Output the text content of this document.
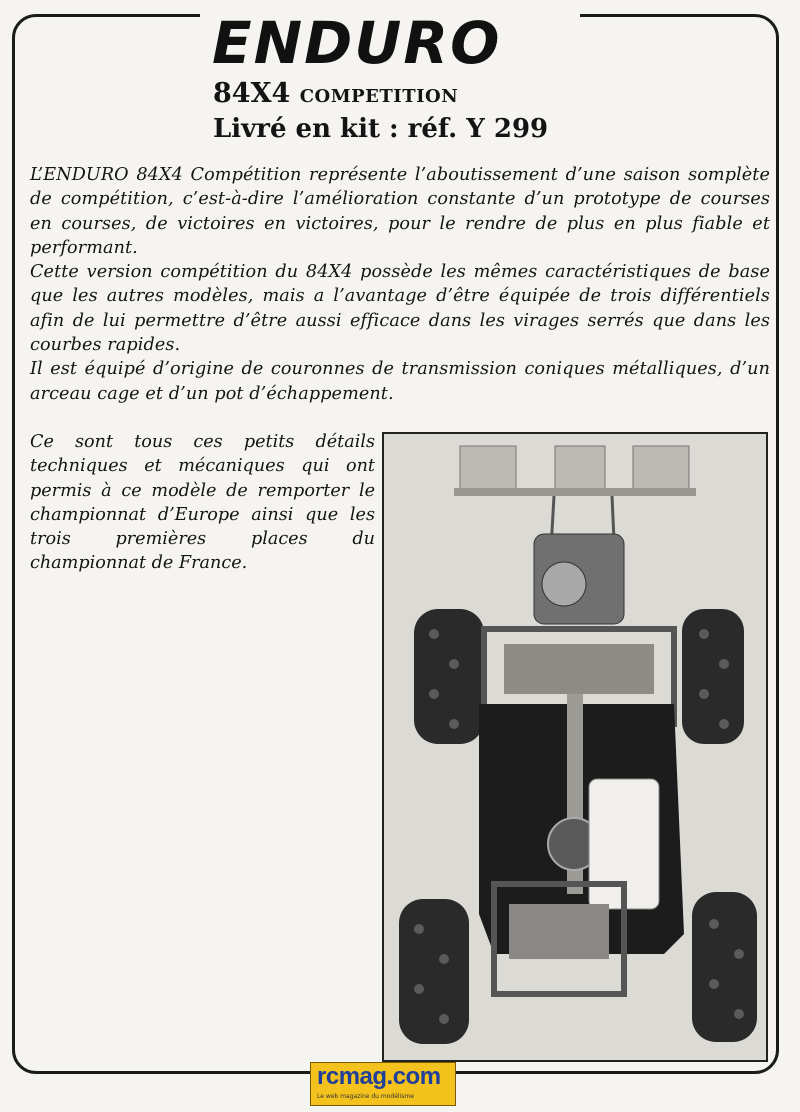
ENDURO
84X4 COMPETITION
Livré en kit : réf. Y 299

L’ENDURO 84X4 Compétition représente l’aboutissement d’une saison somplète de compétition, c’est-à-dire l’amélioration constante d’un prototype de courses en courses, de victoires en victoires, pour le rendre de plus en plus fiable et performant.

Cette version compétition du 84X4 possède les mêmes caractéristiques de base que les autres modèles, mais a l’avantage d’être équipée de trois différentiels afin de lui permettre d’être aussi efficace dans les virages serrés que dans les courbes rapides.

Il est équipé d’origine de couronnes de transmission coniques métalliques, d’un arceau cage et d’un pot d’échappement.

Ce sont tous ces petits détails techniques et mécaniques qui ont permis à ce modèle de remporter le championnat d’Europe ainsi que les trois premières places du championnat de France.

rcmag.com
Le web magazine du modélisme
